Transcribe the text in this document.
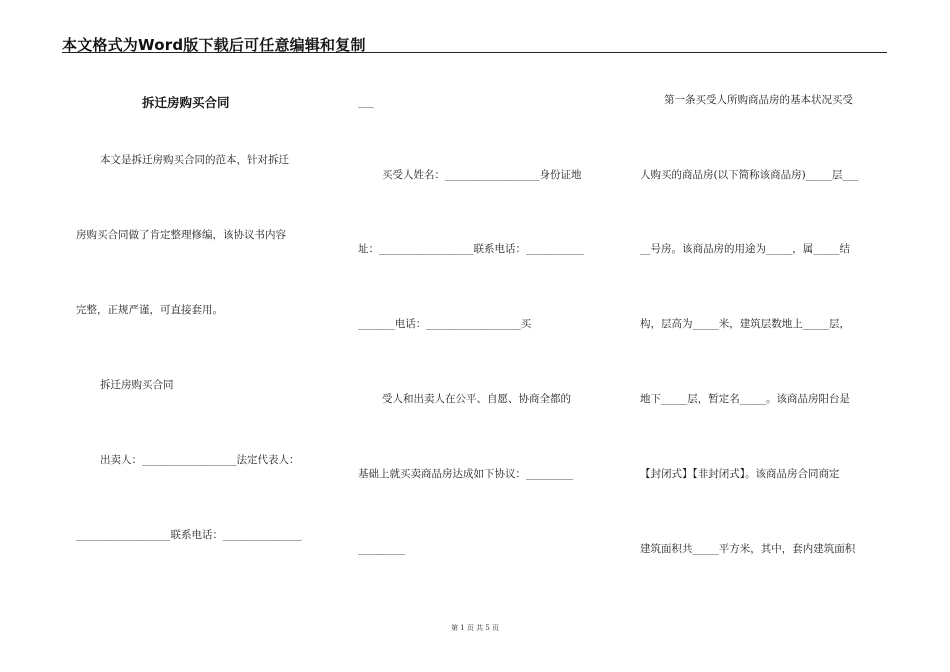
本文格式为Word版下载后可任意编辑和复制
拆迁房购买合同
本文是拆迁房购买合同的范本，针对拆迁
房购买合同做了肯定整理修编，该协议书内容
完整，正规严谨，可直接套用。
拆迁房购买合同
出卖人：__________________法定代表人：
__________________联系电话：_______________
___
买受人姓名：__________________身份证地
址：__________________联系电话：___________
_______电话：__________________买
受人和出卖人在公平、自愿、协商全都的
基础上就买卖商品房达成如下协议：_________
_________
第一条买受人所购商品房的基本状况买受
人购买的商品房(以下简称该商品房)_____层___
__号房。该商品房的用途为_____，属_____结
构，层高为_____米，建筑层数地上_____层，
地下_____层，暂定名_____。该商品房阳台是
【封闭式】【非封闭式】。该商品房合同商定
建筑面积共_____平方米，其中，套内建筑面积
第 1 页 共 5 页
